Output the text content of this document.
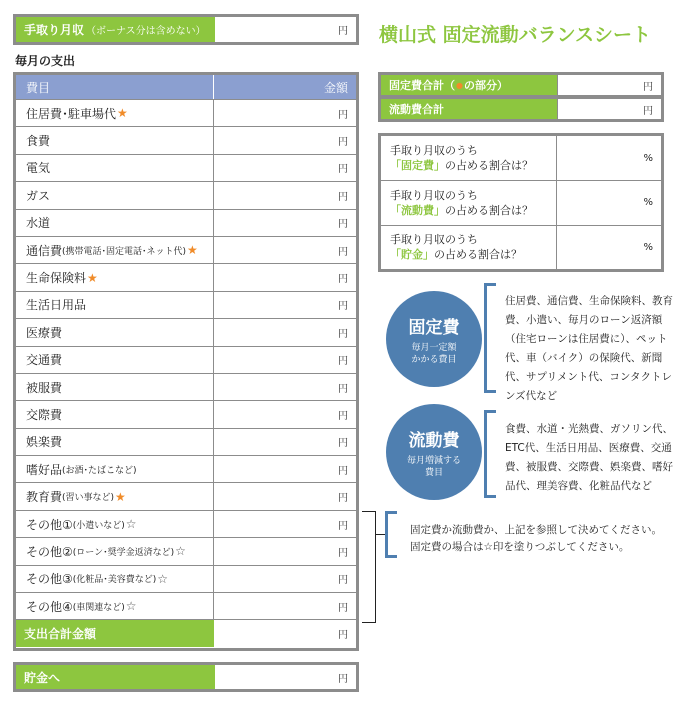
手取り月収 （ボーナス分は含めない）	円 横山式 固定流動バランスシート
毎月の支出
費目	金額
住居費･駐車場代 ★	円
食費	円
電気	円
ガス	円
水道	円
通信費 (携帯電話･固定電話･ネット代) ★	円
生命保険料 ★	円
生活日用品	円
医療費	円
交通費	円
被服費	円
交際費	円
娯楽費	円
嗜好品 (お酒･たばこなど)	円
教育費 (習い事など) ★	円
その他① (小遣いなど) ☆	円
その他② (ローン･奨学金返済など) ☆	円
その他③ (化粧品･美容費など) ☆	円
その他④ (車関連など) ☆	円
支出合計金額	円
貯金へ	円
固定費合計（ ● の部分）	円
流動費合計	円
手取り月収のうち
「固定費」の占める割合は？
%
手取り月収のうち
「流動費」の占める割合は？
%
手取り月収のうち
「貯金」の占める割合は？
%
固定費
毎月一定額
かかる費目
住居費、通信費、生命保険料、教育費、小遣い、毎月のローン返済額（住宅ローンは住居費に）、ペット代、車（バイク）の保険代、新聞代、サプリメント代、コンタクトレンズ代など
流動費
毎月増減する
費目
食費、水道・光熱費、ガソリン代、ETC代、生活日用品、医療費、交通費、被服費、交際費、娯楽費、嗜好品代、理美容費、化粧品代など
固定費か流動費か、上記を参照して決めてください。
固定費の場合は☆印を塗りつぶしてください。
